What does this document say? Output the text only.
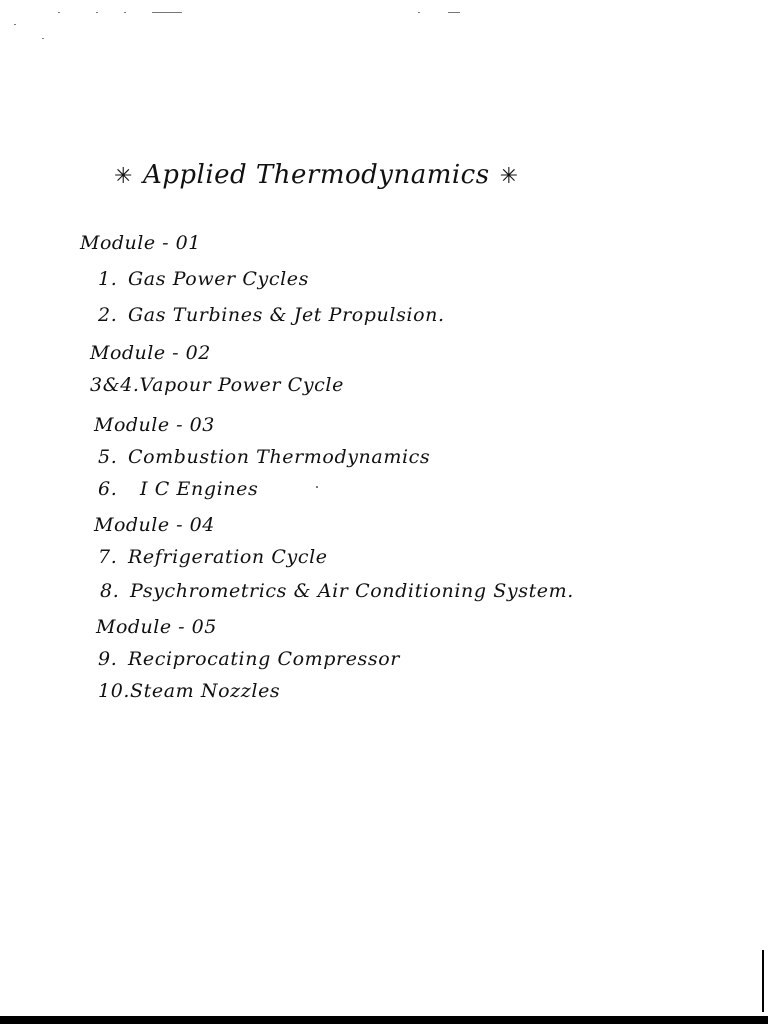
✳ Applied Thermodynamics ✳
Module - 01
1. Gas Power Cycles
2. Gas Turbines & Jet Propulsion.
Module - 02
3&4.Vapour Power Cycle
Module - 03
5. Combustion Thermodynamics
6. I C Engines
Module - 04
7. Refrigeration Cycle
8. Psychrometrics & Air Conditioning System.
Module - 05
9. Reciprocating Compressor
10.Steam Nozzles
